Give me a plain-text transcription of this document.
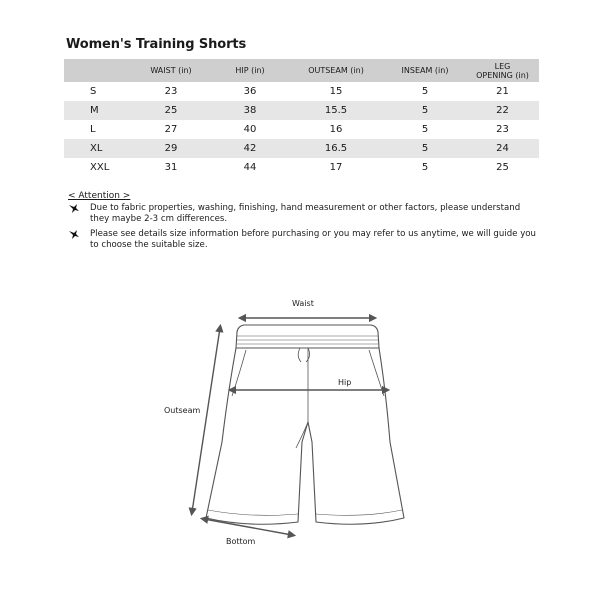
Women's Training Shorts
	WAIST (in)	HIP (in)	OUTSEAM (in)	INSEAM (in)	LEG
OPENING (in)
S	23	36	15	5	21
M	25	38	15.5	5	22
L	27	40	16	5	23
XL	29	42	16.5	5	24
XXL	31	44	17	5	25
< Attention >
Due to fabric properties, washing, finishing, hand measurement or other factors, please understand they maybe 2-3 cm differences.
Please see details size information before purchasing or you may refer to us anytime, we will guide you to choose the suitable size.
Waist
Hip
Outseam
Bottom
